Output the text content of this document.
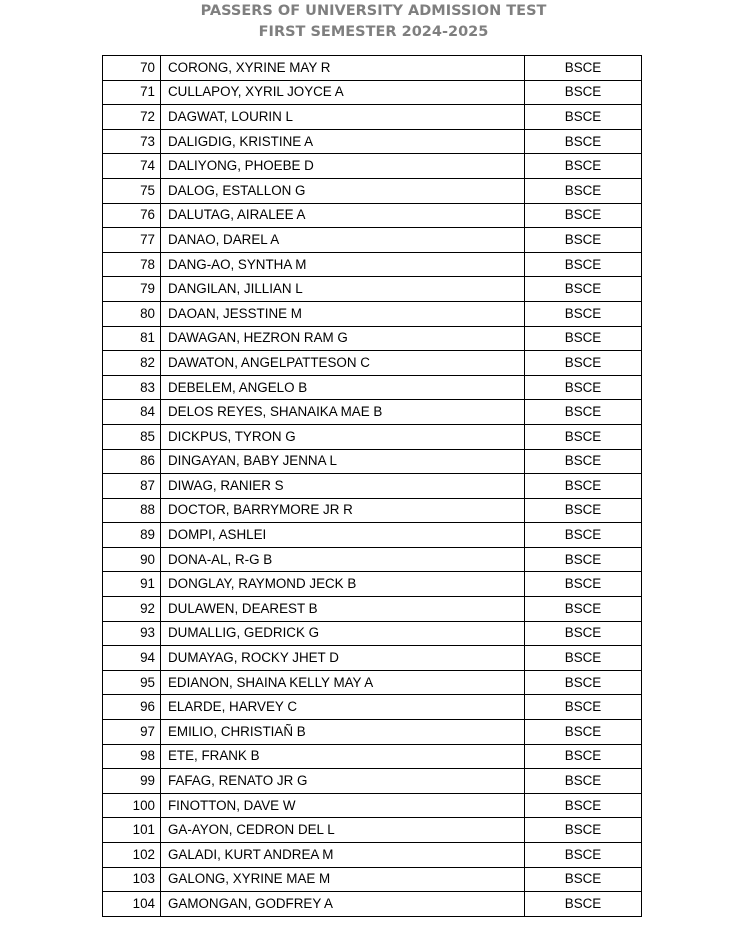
PASSERS OF UNIVERSITY ADMISSION TEST
FIRST SEMESTER 2024-2025
70	CORONG, XYRINE MAY R	BSCE
71	CULLAPOY, XYRIL JOYCE A	BSCE
72	DAGWAT, LOURIN L	BSCE
73	DALIGDIG, KRISTINE A	BSCE
74	DALIYONG, PHOEBE D	BSCE
75	DALOG, ESTALLON G	BSCE
76	DALUTAG, AIRALEE A	BSCE
77	DANAO, DAREL A	BSCE
78	DANG-AO, SYNTHA M	BSCE
79	DANGILAN, JILLIAN L	BSCE
80	DAOAN, JESSTINE M	BSCE
81	DAWAGAN, HEZRON RAM G	BSCE
82	DAWATON, ANGELPATTESON C	BSCE
83	DEBELEM, ANGELO B	BSCE
84	DELOS REYES, SHANAIKA MAE B	BSCE
85	DICKPUS, TYRON G	BSCE
86	DINGAYAN, BABY JENNA L	BSCE
87	DIWAG, RANIER S	BSCE
88	DOCTOR, BARRYMORE JR R	BSCE
89	DOMPI, ASHLEI	BSCE
90	DONA-AL, R-G B	BSCE
91	DONGLAY, RAYMOND JECK B	BSCE
92	DULAWEN, DEAREST B	BSCE
93	DUMALLIG, GEDRICK G	BSCE
94	DUMAYAG, ROCKY JHET D	BSCE
95	EDIANON, SHAINA KELLY MAY A	BSCE
96	ELARDE, HARVEY C	BSCE
97	EMILIO, CHRISTIAÑ B	BSCE
98	ETE, FRANK B	BSCE
99	FAFAG, RENATO JR G	BSCE
100	FINOTTON, DAVE W	BSCE
101	GA-AYON, CEDRON DEL L	BSCE
102	GALADI, KURT ANDREA M	BSCE
103	GALONG, XYRINE MAE M	BSCE
104	GAMONGAN, GODFREY A	BSCE
